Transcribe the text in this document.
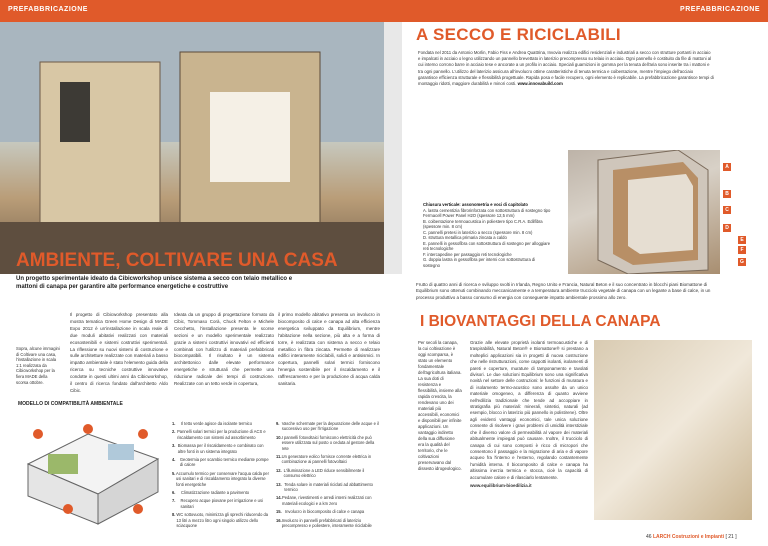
PREFABBRICAZIONE	PREFABBRICAZIONE
A SECCO E RICICLABILI
Fondata nel 2011 da Antonio Morlin, Fabio Fiss e Andrea Quattrina, Invovia realizza edifici residenziali e industriali a secco con strutture portanti in acciaio e impalcati in acciaio o legno utilizzando un pannello brevettato in laterizio precompresso su telaio in acciaio. Ogni pannello è costituito da file di mattoni al cui interno corrono barre in acciaio tese e ancorate a un profilo in acciaio. Speciali guarnizioni in gomma per la tenuta dell'aria sono inserite tra i mattoni e tra ogni pannello. L'utilizzo del laterizio assicura all'involucro ottime caratteristiche di tenuta termica e coibentazione, mentre l'impiego dell'acciaio garantisce efficienza strutturale e flessibilità progettuale. Rapida posa e facile recupero, ogni elemento è replicabile. La prefabbricazione garantisce tempi di montaggio ridotti, maggiore durabilità e minori costi. www.innovabuild.com
Chiusura verticale: assonometria e voci di capitolato
A. lastra cementizia fibrorinforzata con sottostruttura di sostegno tipo Fermacell Power Panel H2O (spessore 12,5 mm)
B. coibentazione termoacustica in poliestere tipo C.R.A. Edilfibra (spessore min. 8 cm)
C. pannelli pretesi in laterizio a secco (spessore min. 8 cm)
D. struttura metallica primaria zincata a caldo
E. pannelli in gessofibra con sottostruttura di sostegno per alloggiare reti tecnologiche
F. intercapedine per passaggio reti tecnologiche
G. doppia lastra in gessofibra per interni con sottostruttura di sostegno
A
B
C
D
E
F
G
AMBIENTE, COLTIVARE UNA CASA
Un progetto sperimentale ideato da Cibicworkshop unisce sistema a secco con telaio metallico e mattoni di canapa per garantire alte performance energetiche e costruttive
Sopra, alcune immagini di Coltivare una casa, l'installazione in scala 1:1 realizzata da Cibicworkshop per la fiera MADE della scorsa ottobre.
Il progetto di Cibicworkshop presentato alla mostra tematica Green Home Design di MADE Expo 2012 è un'installazione in scala reale di due moduli abitativi realizzati con materiali ecosostenibili e sistemi costruttivi sperimentali. La riflessione su nuovi sistemi di costruzione e sulle architetture realizzate con materiali a basso impatto ambientale è stato l'elemento guida della ricerca su tecniche costruttive innovative condotte in questi ultimi anni da Cibicworkshop, il centro di ricerca fondato dall'architetto Aldo Cibic.
Ideata da un gruppo di progettazione formato da Cibic, Tommaso Corà, Chuck Felton e Michele Cecchetto, l'installazione presenta le scorse sezioni e un modello sperimentale realizzato grazie a sistemi costruttivi innovativi ed efficienti combinati con l'utilizzo di materiali prefabbricati biocompatibili. Il risultato è un sistema architettonico dalle elevate performance energetiche e strutturali che permette una riduzione radicale dei tempi di costruzione. Realizzate con un tetto verde in copertura,
il primo modello abitativo presenta un involucro in biocomposito di calce e canapa ad alta efficienza energetica sviluppato da Equilibrium, mentre l'abitazione nella sezione, più alta e a forma di torre, è realizzata con sistema a secco e telaio metallico in fibra zincata. Permette di realizzare edifici interamente riciclabili, solidi e antisismici. In copertura, pannelli solari termici forniscono l'energia sostenibile per il riscaldamento e il raffrescamento e per la produzione di acqua calda sanitaria.
MODELLO DI COMPATIBILITÀ AMBIENTALE
1.	Il tetto verde agisce da isolante termico
2. Pannelli solari termici per la produzione di ACS e riscaldamento con sistemi ad assorbimento
3. Biomassa per il riscaldamento e combinato con altre fonti in un sistema integrato
4.	Geotermia per scambio termico mediante pompe di calore
5. Accumulo termico per conservare l'acqua calda per usi sanitari e di riscaldamento integrato la diverse fonti energetiche
6.	Climatizzazione radiante a pavimento
7.	Recupero acque piovane per irrigazione e usi sanitari
8. WC sottovuoto, minimizza gli sprechi riducendo da 13 litri a mezzo litro ogni singolo utilizzo dello sciacquone
9. Vasche schermate per la depurazione delle acque e il successivo uso per l'irrigazione
10. I pannelli fotovoltaici forniscono elettricità che può essere utilizzata sul posto o ceduta al gestore della rete
11. Un generatore eolico fornisce corrente elettrica in combinazione ai pannelli fotovoltaici
12. L'illuminazione a LED riduce sensibilmente il consumo elettrico
13. Tenda solare in materiali riciclati ad abbattimento termico
14. Pedane, rivestimenti e arredi interni realizzati con materiali ecologici e a km zero
15. Involucro in biocomposito di calce e canapa
16. Involucro in pannelli prefabbricati di laterizio precompresso e poliestere, interamente riciclabile
Frutto di quattro anni di ricerca e sviluppo svolti in Irlanda, Regno Unito e Francia, Natural Beton e il suo concentrato in blocchi piani Biomattone di Equilibrium sono ottenuti combinando meccanicamente e a temperatura ambiente trucciolo vegetale di canapa con un legante a base di calce, in un processo produttivo a basso consumo di energia con conseguente impatto ambientale prossimo allo zero.
I BIOVANTAGGI DELLA CANAPA
Per secoli la canapa, la cui coltivazione è oggi scomparsa, è stato un elemento fondamentale dell'agricoltura italiana. La sua doti di resistenza e flessibilità, insieme alla rapida crescita, la rendevano uno dei materiali più accessibili, economici e disponibili per infinite applicazioni. Un vantaggio indiretto della sua diffusione era la qualità del territorio, che le coltivazioni preservavano dal dissesto idrogeologico.
Grazie alle elevate proprietà isolanti termoacustiche e di traspirabilità, Natural Beton® e Biomattone® si prestano a molteplici applicazioni sia in progetti di nuova costruzione che nelle ristrutturazioni, come cappotti isolanti, isolamenti di pareti e coperture, murature di tamponamento e tavolati divisori. Le due soluzioni Equilibrium sono una significativa novità nel settore delle costruzioni: le funzioni di muratura e di isolamento termo-acustico sono assolte da un unico materiale omogeneo, a differenza di quanto avviene nell'edilizia tradizionale che tende ad accoppiare in stratigrafia più materiali: minerali, sintetici, naturali (ad esempio, blocco in laterizio più pannello in polistirene). Oltre agli evidenti vantaggi economici, tale unica soluzione consente di risolvere i gravi problemi di umidità interstiziale che il diverso valore di permeabilità al vapore dei materiali abitualmente impiegati può causare. Inoltre, il trucciolo di canapa di cui sono composti è ricco di micropori che consentono il passaggio e la migrazione di aria e di vapore acqueo fra l'interno e l'esterno, regolando costantemente l'umidità interna. Il biocomposito di calce e canapa ha altissima inerzia termica e stocca, cioè la capacità di accumulare calore e di rilasciarlo lentamente.
www.equilibrium-bioedilizia.it
46 LARCH Costruzioni e Impianti [ 21 ]
